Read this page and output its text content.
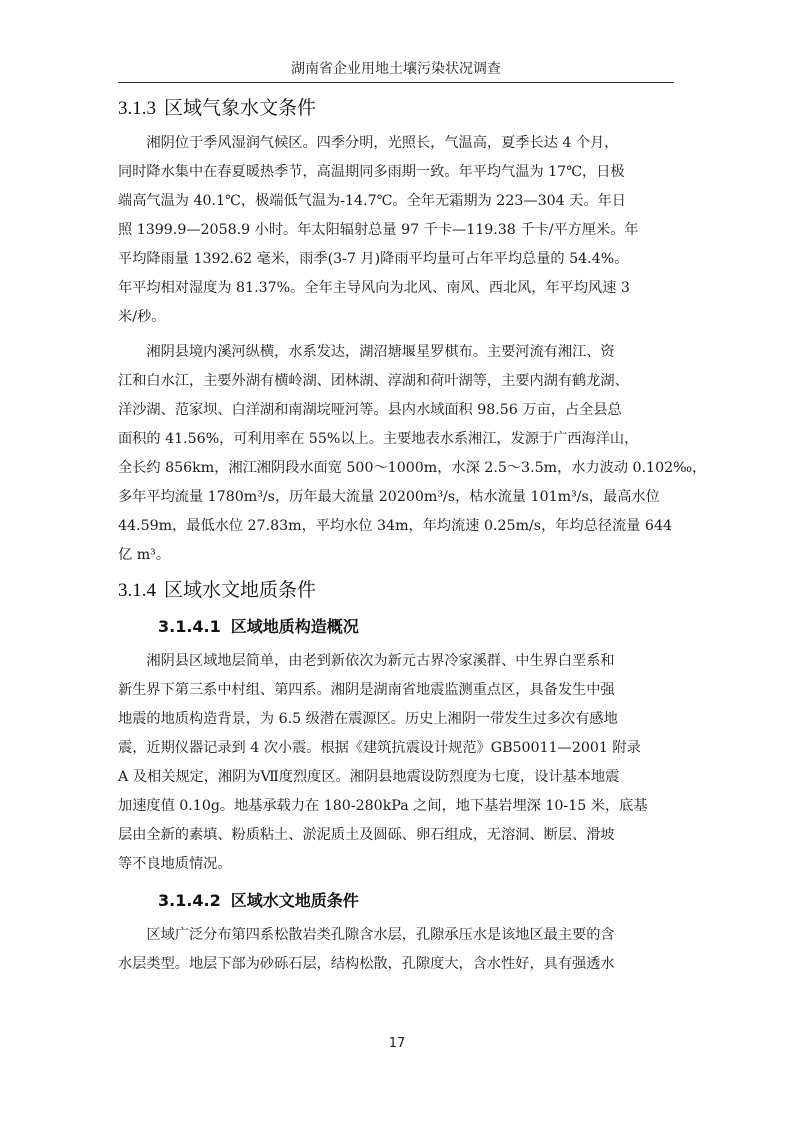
湖南省企业用地土壤污染状况调查
3.1.3 区域气象水文条件
湘阴位于季风湿润气候区。四季分明，光照长，气温高，夏季长达 4 个月，
同时降水集中在春夏暖热季节，高温期同多雨期一致。年平均气温为 17℃，日极
端高气温为 40.1℃，极端低气温为-14.7℃。全年无霜期为 223—304 天。年日
照 1399.9—2058.9 小时。年太阳辐射总量 97 千卡—119.38 千卡/平方厘米。年
平均降雨量 1392.62 毫米，雨季(3-7 月)降雨平均量可占年平均总量的 54.4%。
年平均相对湿度为 81.37%。全年主导风向为北风、南风、西北风，年平均风速 3
米/秒。
湘阴县境内溪河纵横，水系发达，湖沼塘堰星罗棋布。主要河流有湘江、资
江和白水江，主要外湖有横岭湖、团林湖、淳湖和荷叶湖等，主要内湖有鹤龙湖、
洋沙湖、范家坝、白洋湖和南湖垸哑河等。县内水域面积 98.56 万亩，占全县总
面积的 41.56%，可利用率在 55%以上。主要地表水系湘江，发源于广西海洋山，
全长约 856km，湘江湘阴段水面宽 500～1000m，水深 2.5～3.5m，水力波动 0.102‰，
多年平均流量 1780m³/s，历年最大流量 20200m³/s，枯水流量 101m³/s，最高水位
44.59m，最低水位 27.83m，平均水位 34m，年均流速 0.25m/s，年均总径流量 644
亿 m³。
3.1.4 区域水文地质条件
3.1.4.1 区域地质构造概况
湘阴县区域地层简单，由老到新依次为新元古界冷家溪群、中生界白垩系和
新生界下第三系中村组、第四系。湘阴是湖南省地震监测重点区，具备发生中强
地震的地质构造背景，为 6.5 级潜在震源区。历史上湘阴一带发生过多次有感地
震，近期仪器记录到 4 次小震。根据《建筑抗震设计规范》GB50011—2001 附录
A 及相关规定，湘阴为Ⅶ度烈度区。湘阴县地震设防烈度为七度，设计基本地震
加速度值 0.10g。地基承载力在 180-280kPa 之间，地下基岩埋深 10-15 米，底基
层由全新的素填、粉质粘土、淤泥质土及圆砾、卵石组成，无溶洞、断层、滑坡
等不良地质情况。
3.1.4.2 区域水文地质条件
区域广泛分布第四系松散岩类孔隙含水层，孔隙承压水是该地区最主要的含
水层类型。地层下部为砂砾石层，结构松散，孔隙度大，含水性好，具有强透水
17
